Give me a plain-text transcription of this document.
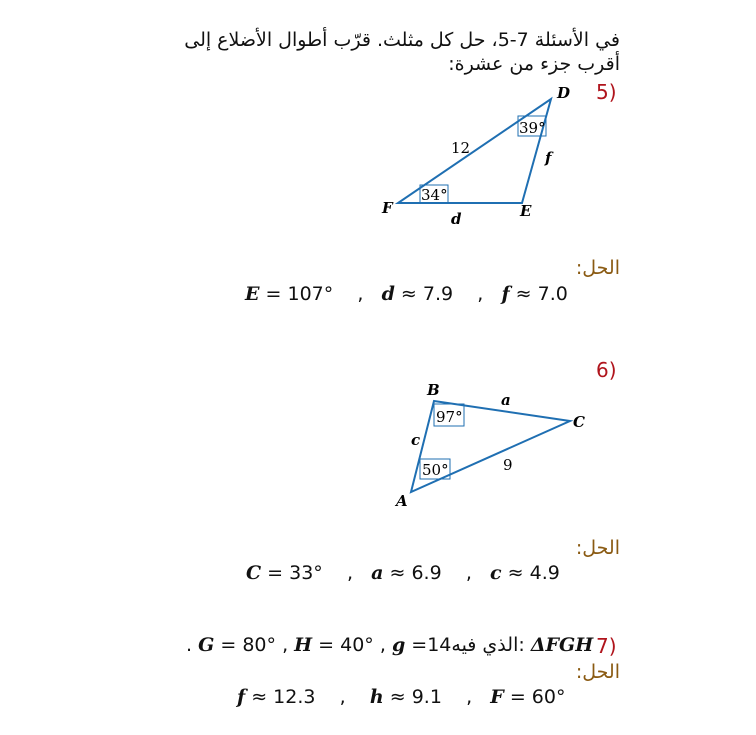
في الأسئلة 7-5، حل كل مثلث. قرّب أطوال الأضلاع إلى
أقرب جزء من عشرة:
5)
D
E
F
12
f
d
39°
34°
B
C
A
a
9
c
97°
50°
الحل:
E = 107° , d ≈ 7.9 , f ≈ 7.0
6)
الحل:
C = 33° , a ≈ 6.9 , c ≈ 4.9
7)
. G = 80° , H = 40° , g =14الذي فيه: ΔFGH
الحل:
f ≈ 12.3 , h ≈ 9.1 , F = 60°
